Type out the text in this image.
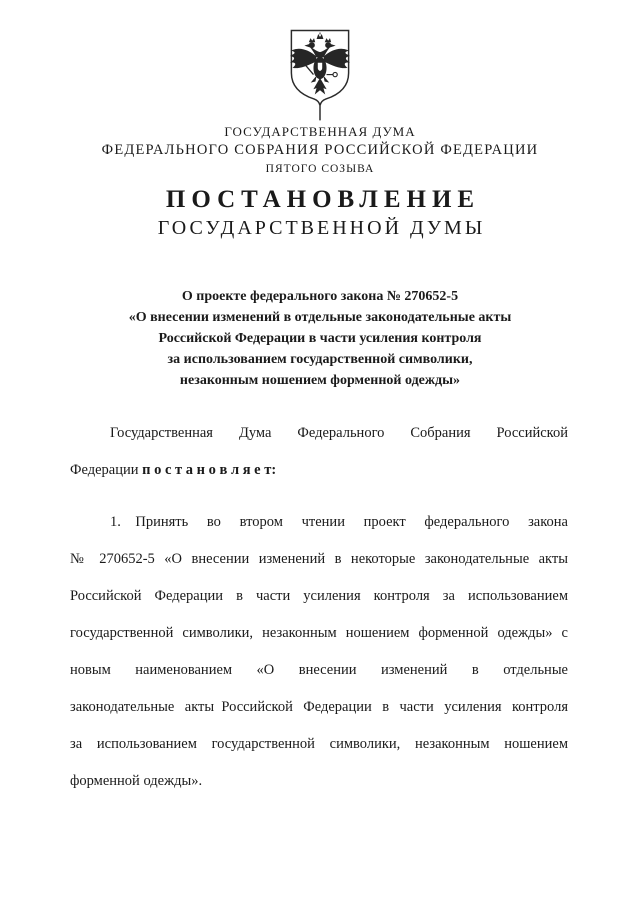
ГОСУДАРСТВЕННАЯ ДУМА
ФЕДЕРАЛЬНОГО СОБРАНИЯ РОССИЙСКОЙ ФЕДЕРАЦИИ
ПЯТОГО СОЗЫВА
ПОСТАНОВЛЕНИЕ
ГОСУДАРСТВЕННОЙ ДУМЫ
О проекте федерального закона № 270652-5
«О внесении изменений в отдельные законодательные акты
Российской Федерации в части усиления контроля
за использованием государственной символики,
незаконным ношением форменной одежды»
Государственная Дума Федерального Собрания Российской
Федерации п о с т а н о в л я е т:
1. Принять во втором чтении проект федерального закона
№ 270652-5 «О внесении изменений в некоторые законодательные акты
Российской Федерации в части усиления контроля за использованием
государственной символики, незаконным ношением форменной одежды» с
новым наименованием «О внесении изменений в отдельные
законодательные акты Российской Федерации в части усиления контроля
за использованием государственной символики, незаконным ношением
форменной одежды».
